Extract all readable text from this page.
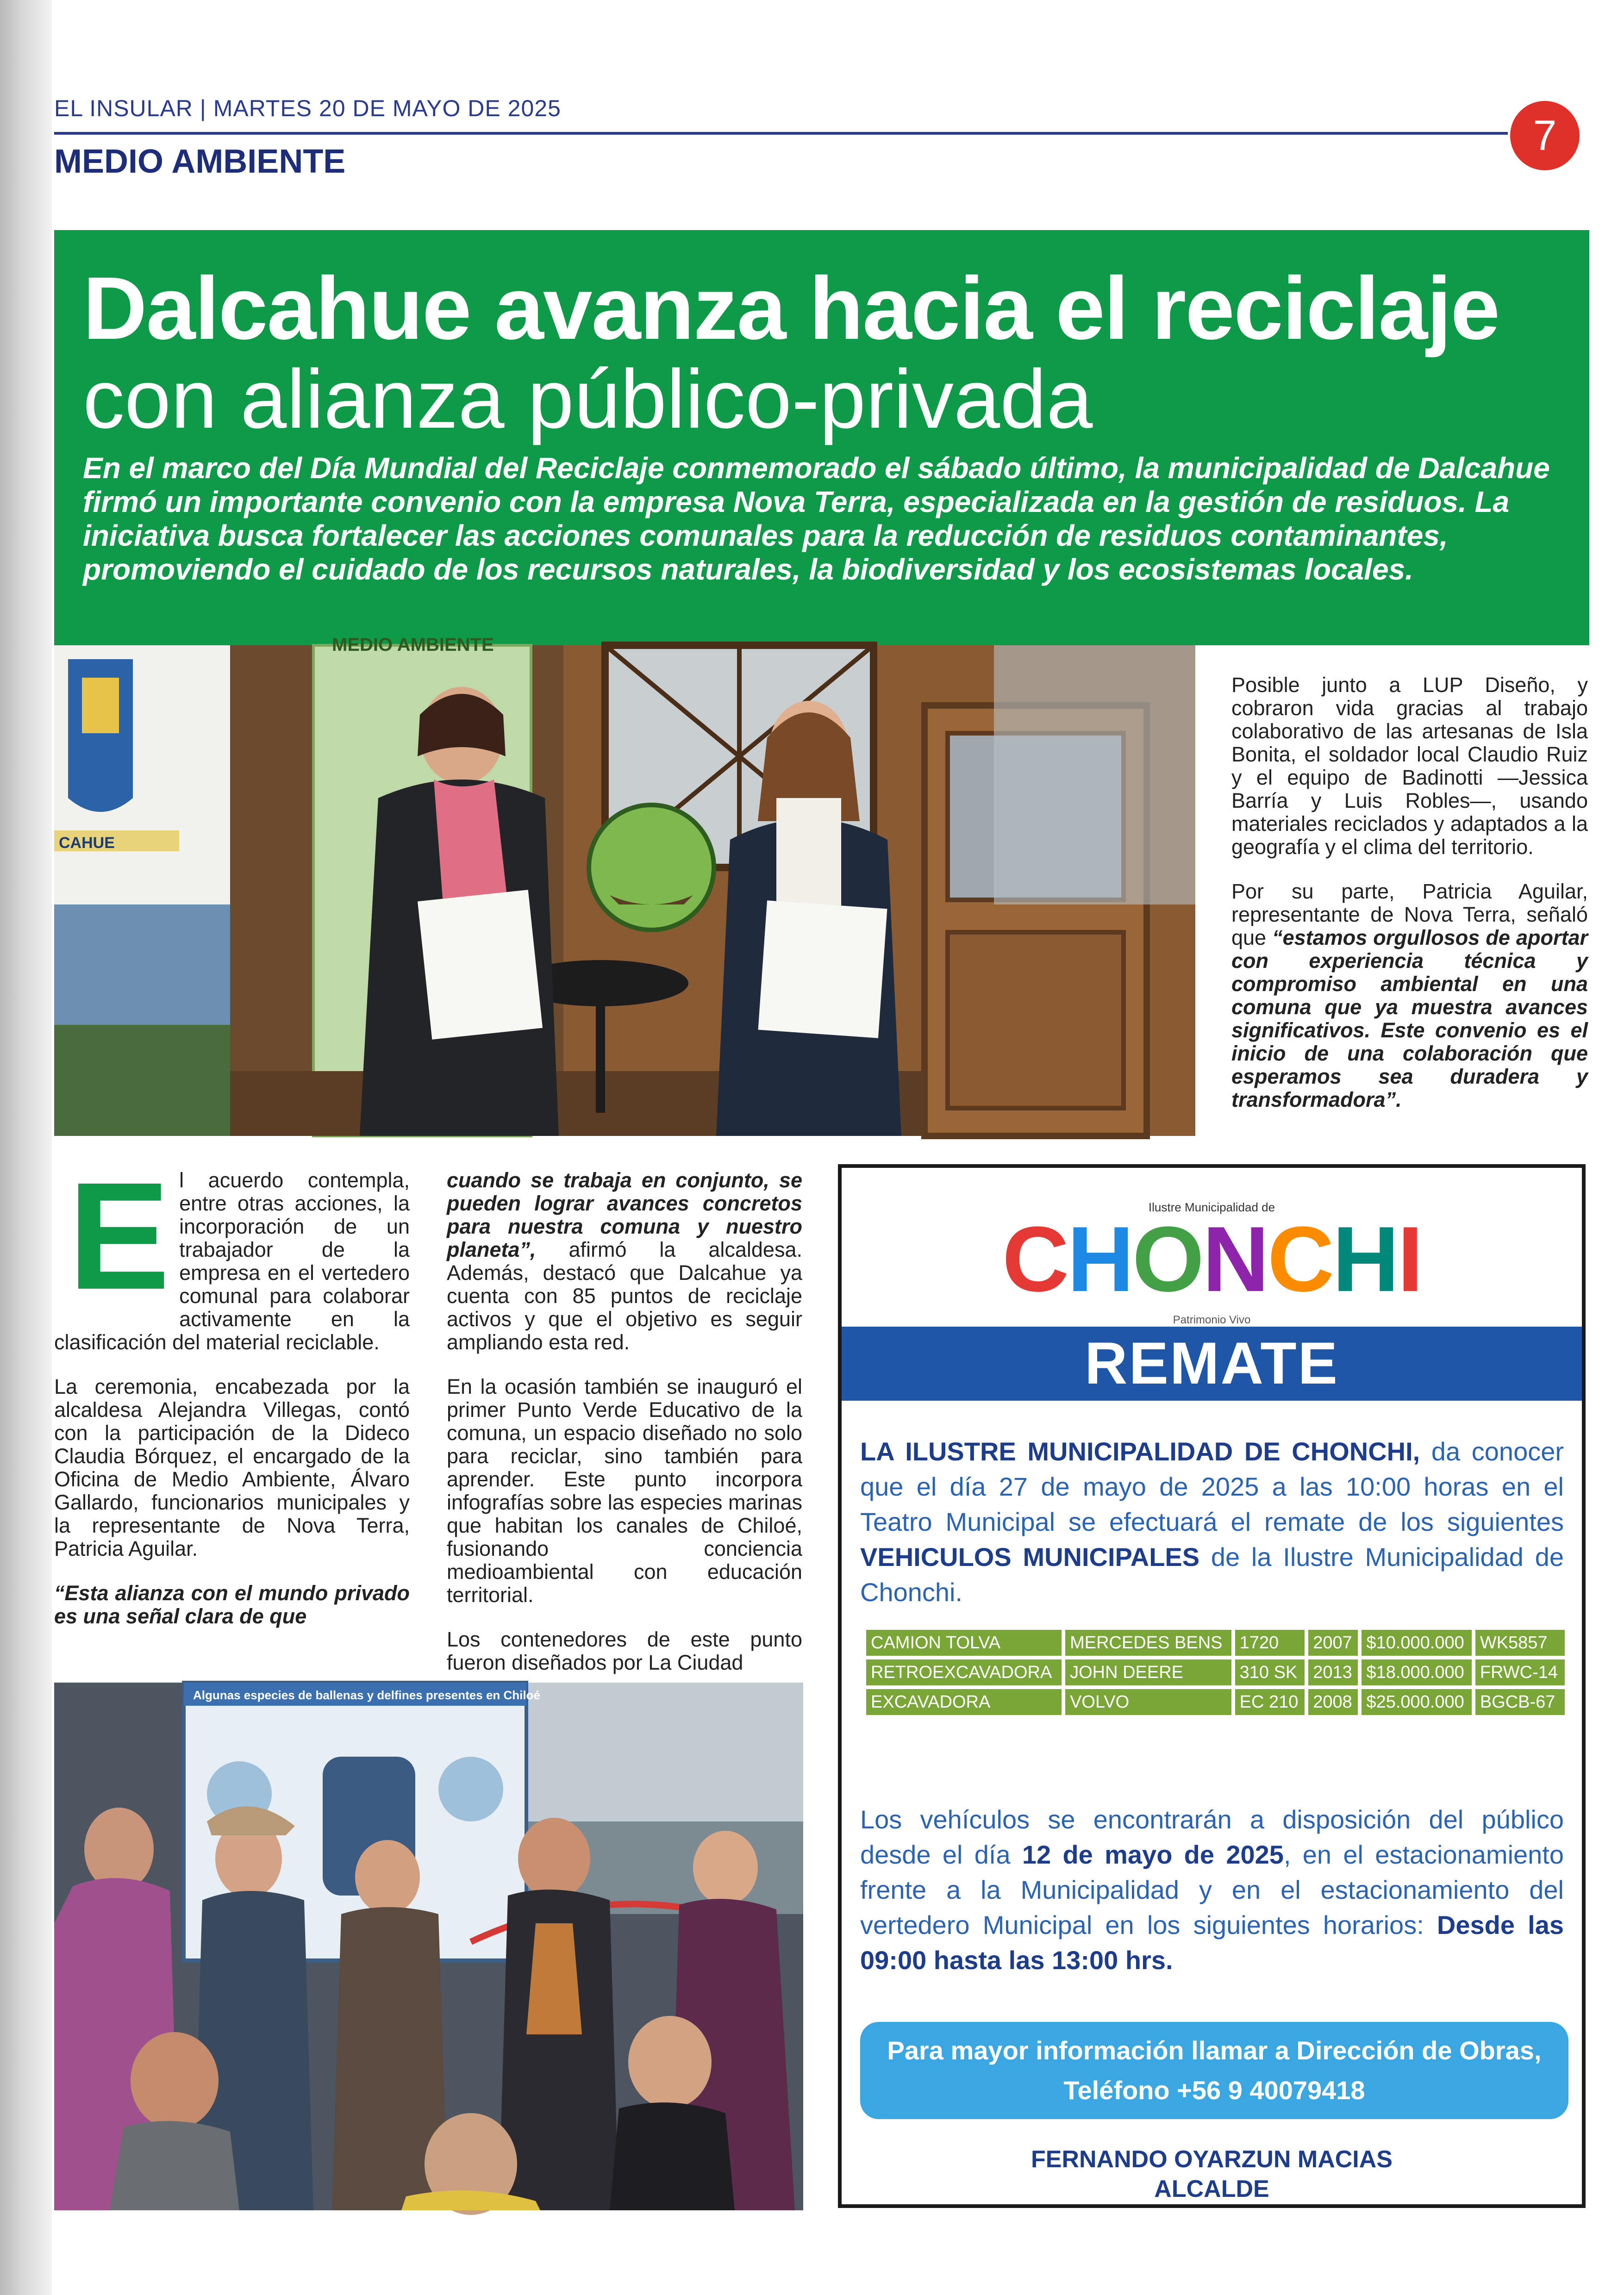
EL INSULAR | MARTES 20 DE MAYO DE 2025
MEDIO AMBIENTE
7
Dalcahue avanza hacia el reciclaje
con alianza público-privada
En el marco del Día Mundial del Reciclaje conmemorado el sábado último, la municipalidad de Dalcahue firmó un importante convenio con la empresa Nova Terra, especializada en la gestión de residuos. La iniciativa busca fortalecer las acciones comunales para la reducción de residuos contaminantes, promoviendo el cuidado de los recursos naturales, la biodiversidad y los ecosistemas locales.
MEDIO AMBIENTE
CAHUE

Posible junto a LUP Diseño, y cobraron vida gracias al trabajo colaborativo de las artesanas de Isla Bonita, el soldador local Claudio Ruiz y el equipo de Badinotti —Jessica Barría y Luis Robles—, usando materiales reciclados y adaptados a la geografía y el clima del territorio.

Por su parte, Patricia Aguilar, representante de Nova Terra, señaló que “estamos orgullosos de aportar con experiencia técnica y compromiso ambiental en una comuna que ya muestra avances significativos. Este convenio es el inicio de una colaboración que esperamos sea duradera y transformadora”.

El acuerdo contempla, entre otras acciones, la incorporación de un trabajador de la empresa en el vertedero comunal para colaborar activamente en la clasificación del material reciclable.

La ceremonia, encabezada por la alcaldesa Alejandra Villegas, contó con la participación de la Dideco Claudia Bórquez, el encargado de la Oficina de Medio Ambiente, Álvaro Gallardo, funcionarios municipales y la representante de Nova Terra, Patricia Aguilar.

“Esta alianza con el mundo privado es una señal clara de que

cuando se trabaja en conjunto, se pueden lograr avances concretos para nuestra comuna y nuestro planeta”, afirmó la alcaldesa. Además, destacó que Dalcahue ya cuenta con 85 puntos de reciclaje activos y que el objetivo es seguir ampliando esta red.

En la ocasión también se inauguró el primer Punto Verde Educativo de la comuna, un espacio diseñado no solo para reciclar, sino también para aprender. Este punto incorpora infografías sobre las especies marinas que habitan los canales de Chiloé, fusionando conciencia medioambiental con educación territorial.

Los contenedores de este punto fueron diseñados por La Ciudad

Algunas especies de ballenas y delfines presentes en Chiloé
Ilustre Municipalidad de
CHONCHI
Patrimonio Vivo
REMATE
LA ILUSTRE MUNICIPALIDAD DE CHONCHI, da conocer que el día 27 de mayo de 2025 a las 10:00 horas en el Teatro Municipal se efectuará el remate de los siguientes VEHICULOS MUNICIPALES de la Ilustre Municipalidad de Chonchi.
CAMION TOLVA	MERCEDES BENS	1720	2007	$10.000.000	WK5857
RETROEXCAVADORA	JOHN DEERE	310 SK	2013	$18.000.000	FRWC-14
EXCAVADORA	VOLVO	EC 210	2008	$25.000.000	BGCB-67
Los vehículos se encontrarán a disposición del público desde el día 12 de mayo de 2025, en el estacionamiento frente a la Municipalidad y en el estacionamiento del vertedero Municipal en los siguientes horarios: Desde las 09:00 hasta las 13:00 hrs.
Para mayor información llamar a Dirección de Obras, Teléfono +56 9 40079418
FERNANDO OYARZUN MACIAS
ALCALDE
